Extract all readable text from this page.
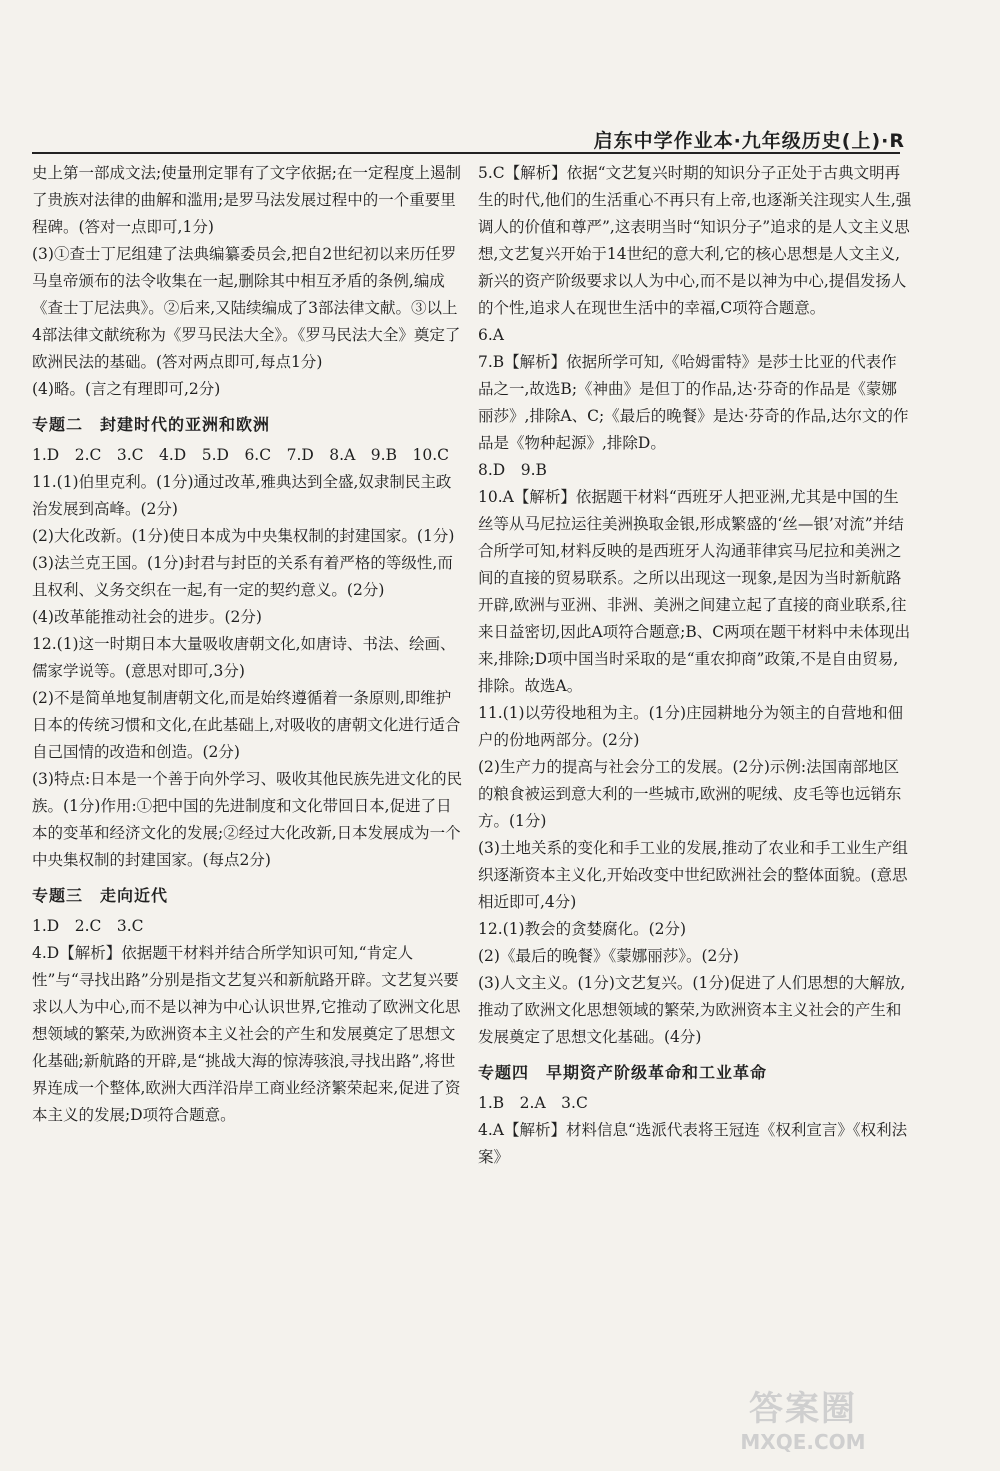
启东中学作业本·九年级历史(上)·R

史上第一部成文法;使量刑定罪有了文字依据;在一定程度上遏制了贵族对法律的曲解和滥用;是罗马法发展过程中的一个重要里程碑。(答对一点即可,1分)

(3)①查士丁尼组建了法典编纂委员会,把自2世纪初以来历任罗马皇帝颁布的法令收集在一起,删除其中相互矛盾的条例,编成《查士丁尼法典》。②后来,又陆续编成了3部法律文献。③以上4部法律文献统称为《罗马民法大全》。《罗马民法大全》奠定了欧洲民法的基础。(答对两点即可,每点1分)

(4)略。(言之有理即可,2分)

专题二　封建时代的亚洲和欧洲

1.D　2.C　3.C　4.D　5.D　6.C　7.D　8.A　9.B　10.C

11.(1)伯里克利。(1分)通过改革,雅典达到全盛,奴隶制民主政治发展到高峰。(2分)

(2)大化改新。(1分)使日本成为中央集权制的封建国家。(1分)

(3)法兰克王国。(1分)封君与封臣的关系有着严格的等级性,而且权利、义务交织在一起,有一定的契约意义。(2分)

(4)改革能推动社会的进步。(2分)

12.(1)这一时期日本大量吸收唐朝文化,如唐诗、书法、绘画、儒家学说等。(意思对即可,3分)

(2)不是简单地复制唐朝文化,而是始终遵循着一条原则,即维护日本的传统习惯和文化,在此基础上,对吸收的唐朝文化进行适合自己国情的改造和创造。(2分)

(3)特点:日本是一个善于向外学习、吸收其他民族先进文化的民族。(1分)作用:①把中国的先进制度和文化带回日本,促进了日本的变革和经济文化的发展;②经过大化改新,日本发展成为一个中央集权制的封建国家。(每点2分)

专题三　走向近代

1.D　2.C　3.C

4.D【解析】依据题干材料并结合所学知识可知,“肯定人性”与“寻找出路”分别是指文艺复兴和新航路开辟。文艺复兴要求以人为中心,而不是以神为中心认识世界,它推动了欧洲文化思想领域的繁荣,为欧洲资本主义社会的产生和发展奠定了思想文化基础;新航路的开辟,是“挑战大海的惊涛骇浪,寻找出路”,将世界连成一个整体,欧洲大西洋沿岸工商业经济繁荣起来,促进了资本主义的发展;D项符合题意。

5.C【解析】依据“文艺复兴时期的知识分子正处于古典文明再生的时代,他们的生活重心不再只有上帝,也逐渐关注现实人生,强调人的价值和尊严”,这表明当时“知识分子”追求的是人文主义思想,文艺复兴开始于14世纪的意大利,它的核心思想是人文主义,新兴的资产阶级要求以人为中心,而不是以神为中心,提倡发扬人的个性,追求人在现世生活中的幸福,C项符合题意。

6.A

7.B【解析】依据所学可知,《哈姆雷特》是莎士比亚的代表作品之一,故选B;《神曲》是但丁的作品,达·芬奇的作品是《蒙娜丽莎》,排除A、C;《最后的晚餐》是达·芬奇的作品,达尔文的作品是《物种起源》,排除D。

8.D　9.B

10.A【解析】依据题干材料“西班牙人把亚洲,尤其是中国的生丝等从马尼拉运往美洲换取金银,形成繁盛的‘丝—银’对流”并结合所学可知,材料反映的是西班牙人沟通菲律宾马尼拉和美洲之间的直接的贸易联系。之所以出现这一现象,是因为当时新航路开辟,欧洲与亚洲、非洲、美洲之间建立起了直接的商业联系,往来日益密切,因此A项符合题意;B、C两项在题干材料中未体现出来,排除;D项中国当时采取的是“重农抑商”政策,不是自由贸易,排除。故选A。

11.(1)以劳役地租为主。(1分)庄园耕地分为领主的自营地和佃户的份地两部分。(2分)

(2)生产力的提高与社会分工的发展。(2分)示例:法国南部地区的粮食被运到意大利的一些城市,欧洲的呢绒、皮毛等也远销东方。(1分)

(3)土地关系的变化和手工业的发展,推动了农业和手工业生产组织逐渐资本主义化,开始改变中世纪欧洲社会的整体面貌。(意思相近即可,4分)

12.(1)教会的贪婪腐化。(2分)

(2)《最后的晚餐》《蒙娜丽莎》。(2分)

(3)人文主义。(1分)文艺复兴。(1分)促进了人们思想的大解放,推动了欧洲文化思想领域的繁荣,为欧洲资本主义社会的产生和发展奠定了思想文化基础。(4分)

专题四　早期资产阶级革命和工业革命

1.B　2.A　3.C

4.A【解析】材料信息“选派代表将王冠连《权利宣言》《权利法案》

答案圈
MXQE.COM
